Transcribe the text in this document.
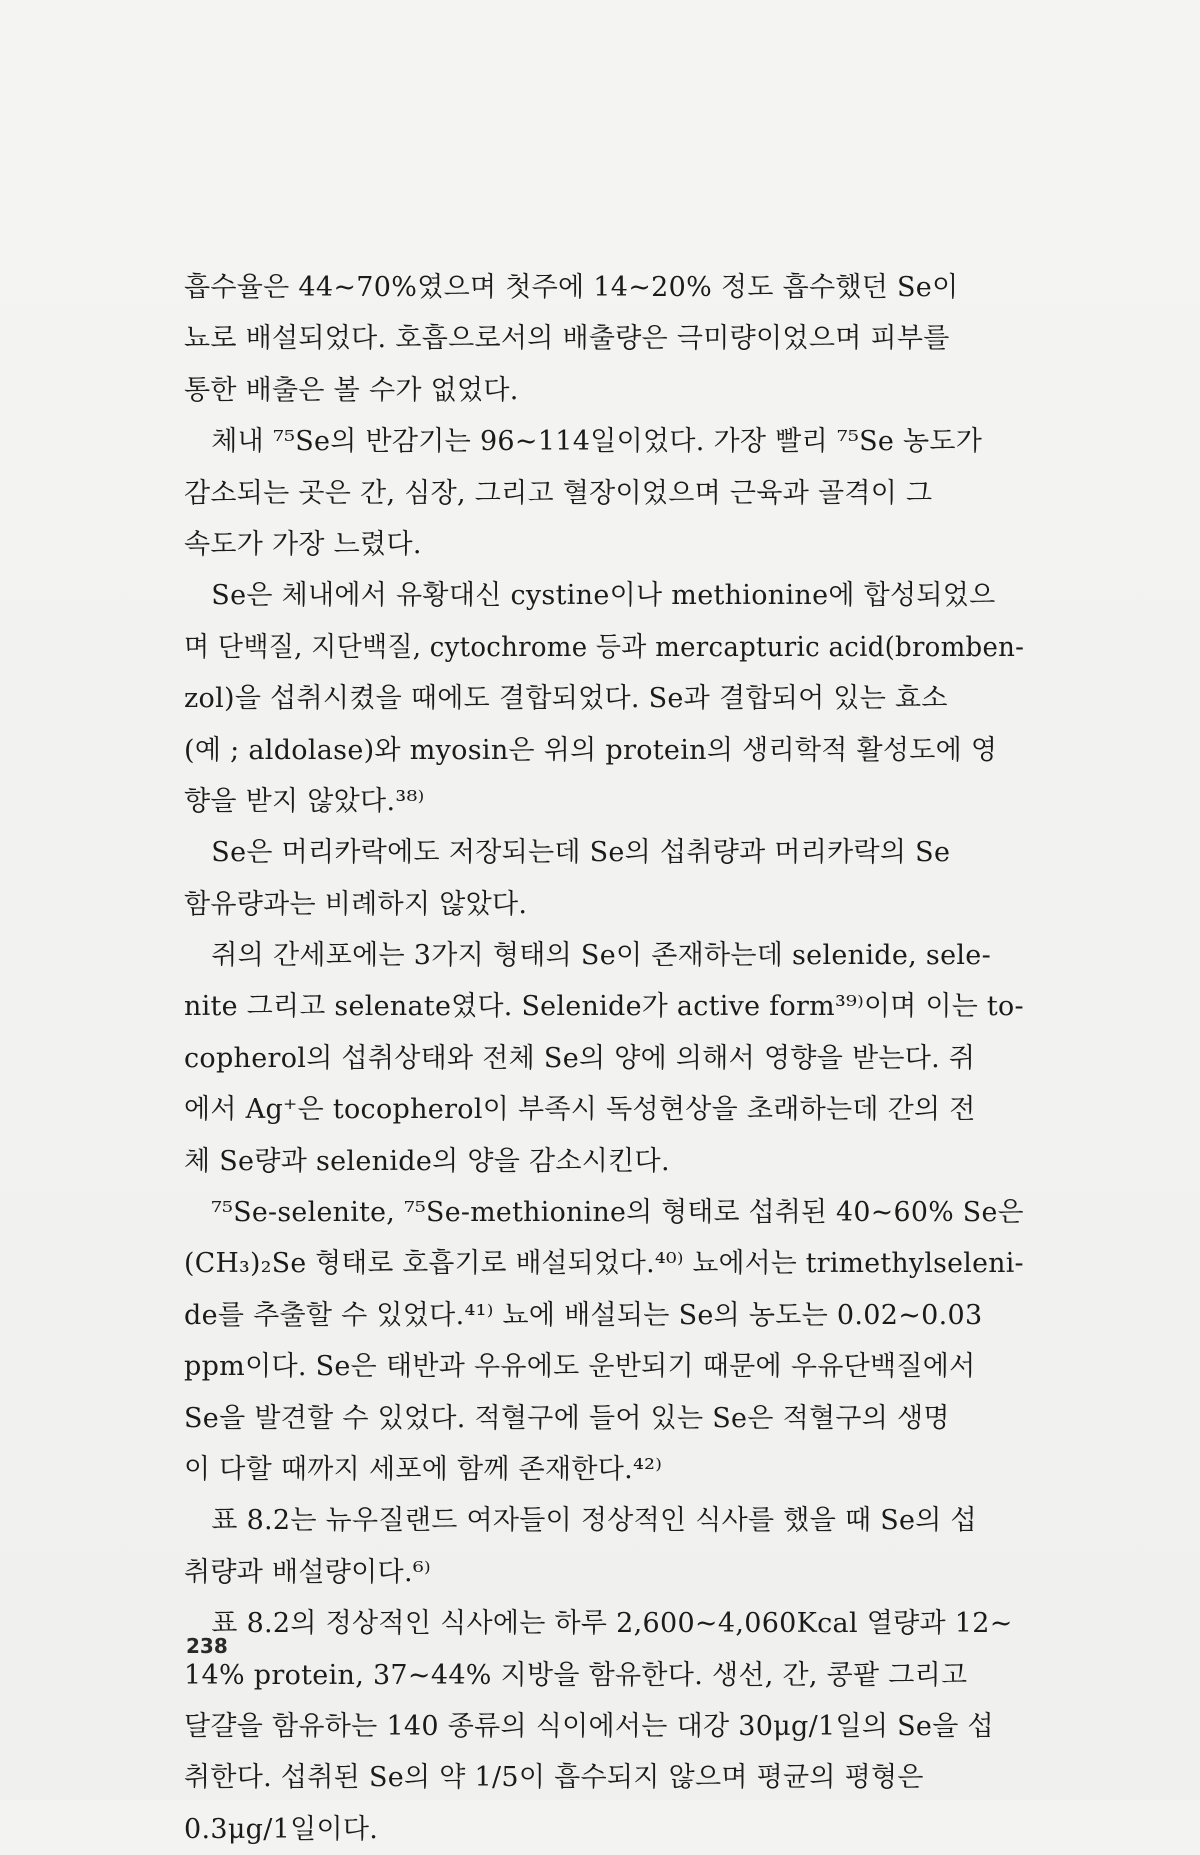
흡수율은 44~70%였으며 첫주에 14~20% 정도 흡수했던 Se이
뇨로 배설되었다. 호흡으로서의 배출량은 극미량이었으며 피부를
통한 배출은 볼 수가 없었다.
　체내 ⁷⁵Se의 반감기는 96~114일이었다. 가장 빨리 ⁷⁵Se 농도가
감소되는 곳은 간, 심장, 그리고 혈장이었으며 근육과 골격이 그
속도가 가장 느렸다.
　Se은 체내에서 유황대신 cystine이나 methionine에 합성되었으
며 단백질, 지단백질, cytochrome 등과 mercapturic acid(bromben-
zol)을 섭취시켰을 때에도 결합되었다. Se과 결합되어 있는 효소
(예 ; aldolase)와 myosin은 위의 protein의 생리학적 활성도에 영
향을 받지 않았다.³⁸⁾
　Se은 머리카락에도 저장되는데 Se의 섭취량과 머리카락의 Se
함유량과는 비례하지 않았다.
　쥐의 간세포에는 3가지 형태의 Se이 존재하는데 selenide, sele-
nite 그리고 selenate였다. Selenide가 active form³⁹⁾이며 이는 to-
copherol의 섭취상태와 전체 Se의 양에 의해서 영향을 받는다. 쥐
에서 Ag⁺은 tocopherol이 부족시 독성현상을 초래하는데 간의 전
체 Se량과 selenide의 양을 감소시킨다.
　⁷⁵Se-selenite, ⁷⁵Se-methionine의 형태로 섭취된 40~60% Se은
(CH₃)₂Se 형태로 호흡기로 배설되었다.⁴⁰⁾ 뇨에서는 trimethylseleni-
de를 추출할 수 있었다.⁴¹⁾ 뇨에 배설되는 Se의 농도는 0.02~0.03
ppm이다. Se은 태반과 우유에도 운반되기 때문에 우유단백질에서
Se을 발견할 수 있었다. 적혈구에 들어 있는 Se은 적혈구의 생명
이 다할 때까지 세포에 함께 존재한다.⁴²⁾
　표 8.2는 뉴우질랜드 여자들이 정상적인 식사를 했을 때 Se의 섭
취량과 배설량이다.⁶⁾
　표 8.2의 정상적인 식사에는 하루 2,600~4,060Kcal 열량과 12~
14% protein, 37~44% 지방을 함유한다. 생선, 간, 콩팥 그리고
달걀을 함유하는 140 종류의 식이에서는 대강 30μg/1일의 Se을 섭
취한다. 섭취된 Se의 약 1/5이 흡수되지 않으며 평균의 평형은
0.3μg/1일이다.
238
